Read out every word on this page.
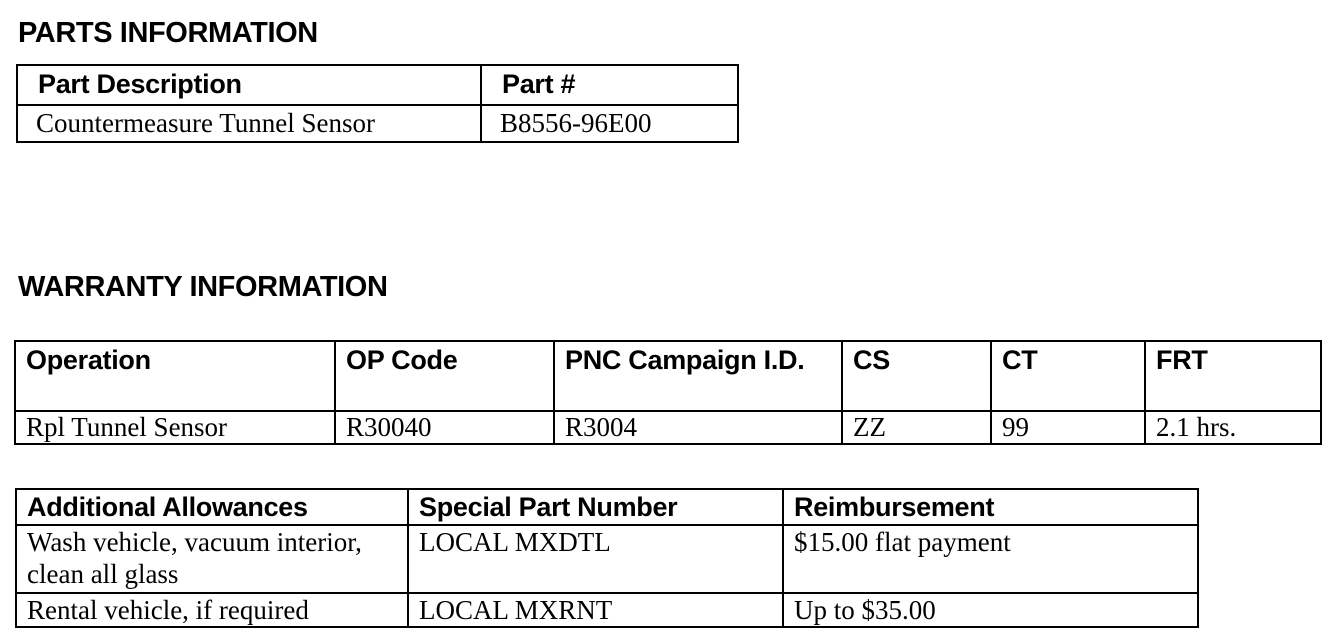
PARTS INFORMATION
Part Description	Part #
Countermeasure Tunnel Sensor	B8556-96E00
WARRANTY INFORMATION
Operation	OP Code	PNC Campaign I.D.	CS	CT	FRT
Rpl Tunnel Sensor	R30040	R3004	ZZ	99	2.1 hrs.
Additional Allowances	Special Part Number	Reimbursement
Wash vehicle, vacuum interior, clean all glass	LOCAL MXDTL	$15.00 flat payment
Rental vehicle, if required	LOCAL MXRNT	Up to $35.00
